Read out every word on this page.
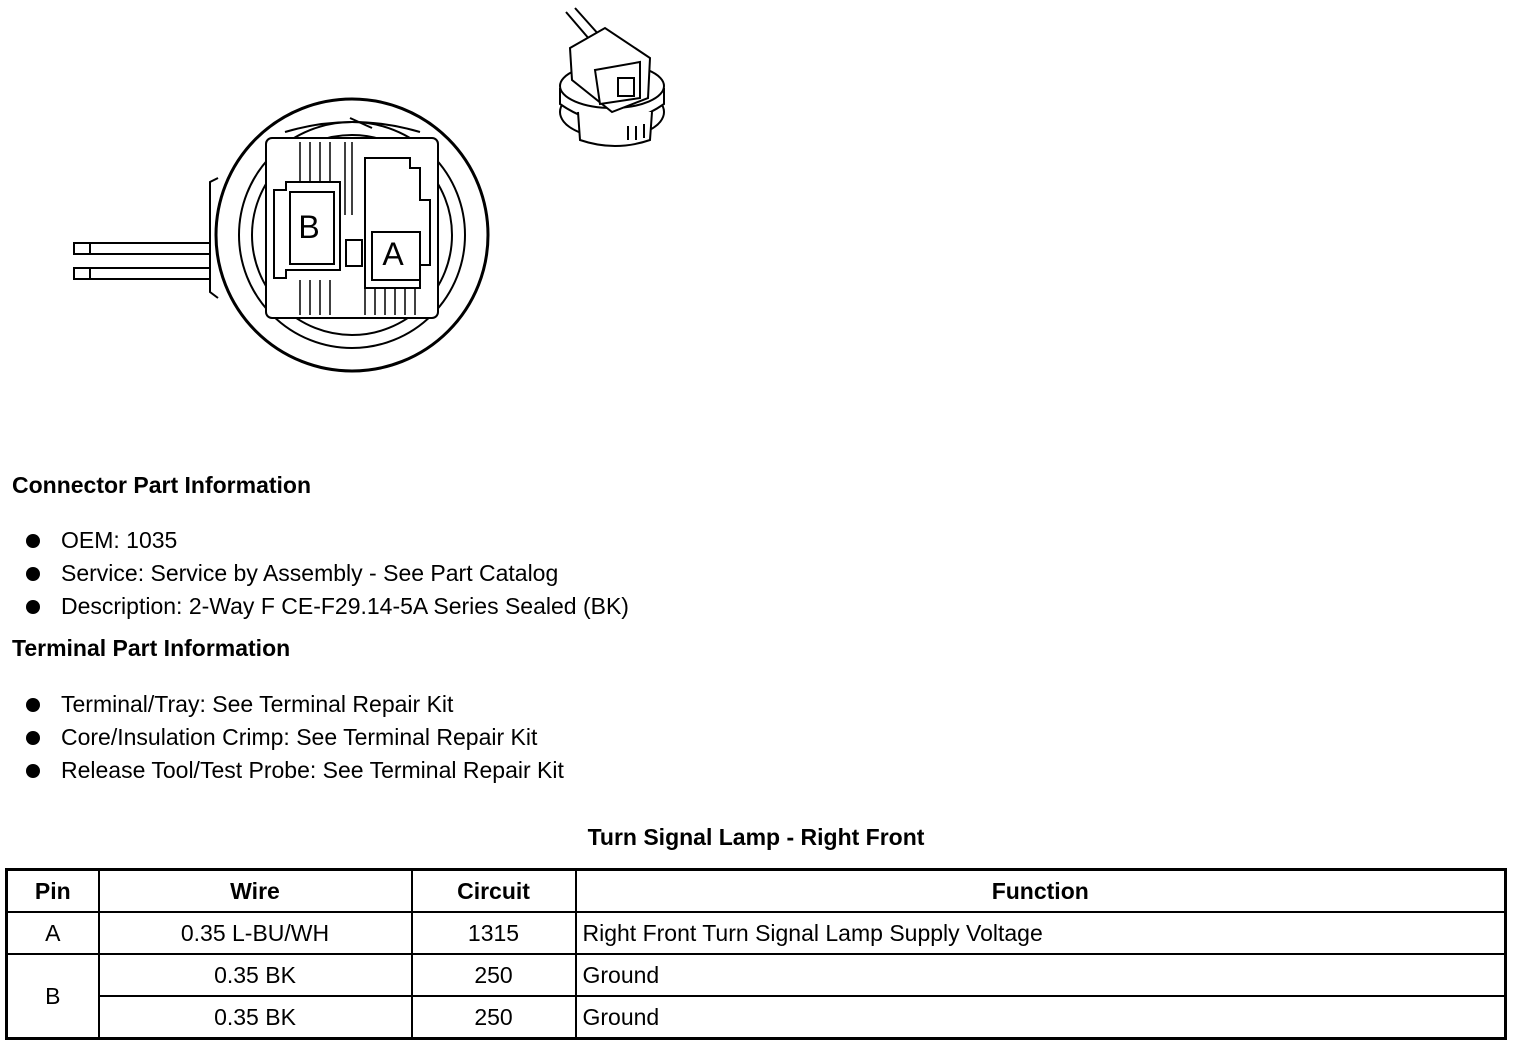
B
A
Connector Part Information
OEM: 1035
Service: Service by Assembly - See Part Catalog
Description: 2-Way F CE-F29.14-5A Series Sealed (BK)
Terminal Part Information
Terminal/Tray: See Terminal Repair Kit
Core/Insulation Crimp: See Terminal Repair Kit
Release Tool/Test Probe: See Terminal Repair Kit
Turn Signal Lamp - Right Front
Pin	Wire	Circuit	Function
A	0.35 L-BU/WH	1315	Right Front Turn Signal Lamp Supply Voltage
B	0.35 BK	250	Ground
	0.35 BK	250	Ground
